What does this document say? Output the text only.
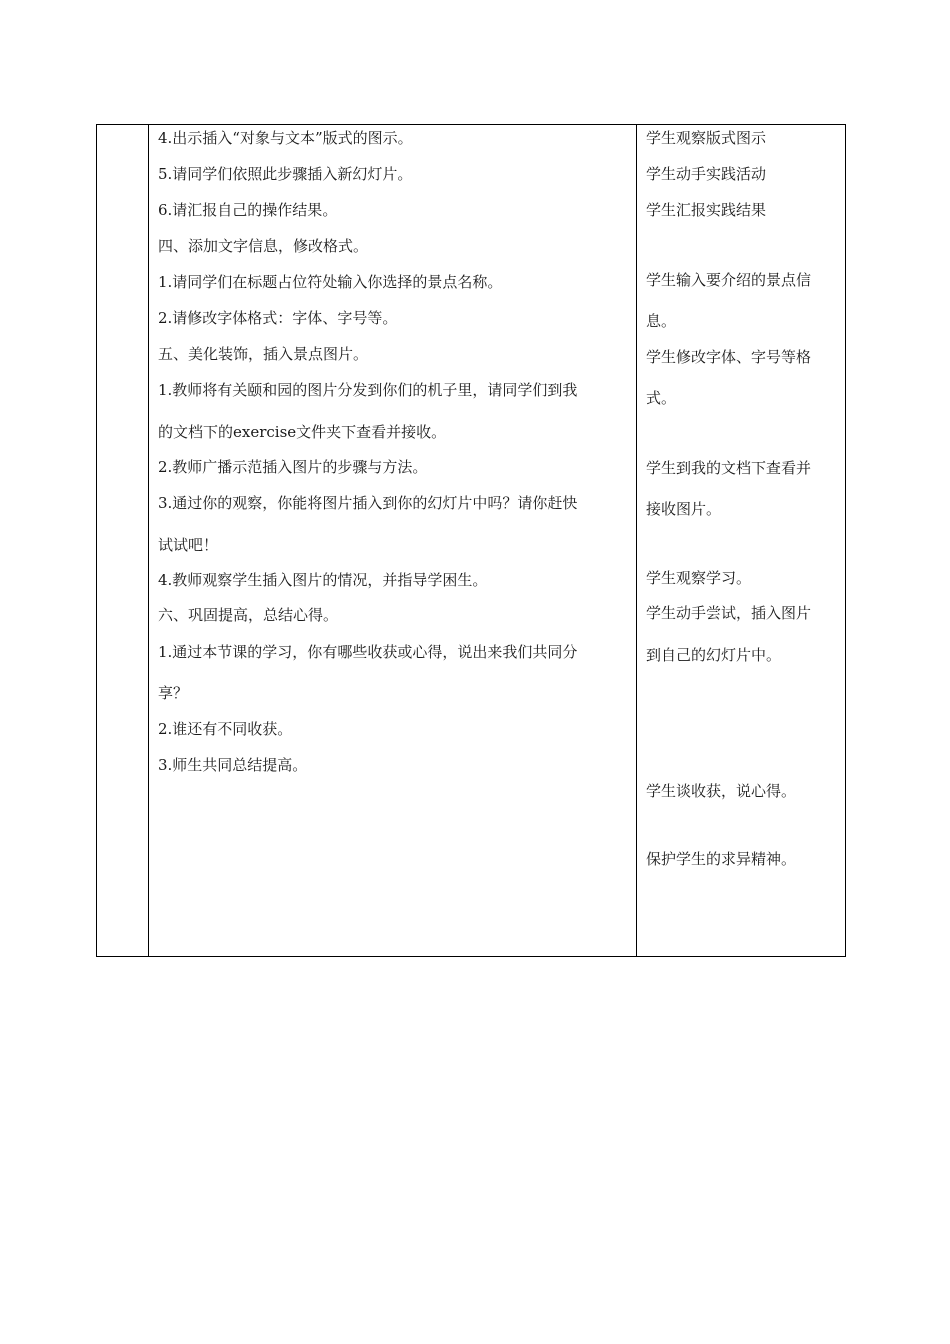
4.出示插入“对象与文本”版式的图示。
5.请同学们依照此步骤插入新幻灯片。
6.请汇报自己的操作结果。
四、添加文字信息，修改格式。
1.请同学们在标题占位符处输入你选择的景点名称。
2.请修改字体格式：字体、字号等。
五、美化装饰，插入景点图片。
1.教师将有关颐和园的图片分发到你们的机子里，请同学们到我
的文档下的exercise文件夹下查看并接收。
2.教师广播示范插入图片的步骤与方法。
3.通过你的观察，你能将图片插入到你的幻灯片中吗？请你赶快
试试吧！
4.教师观察学生插入图片的情况，并指导学困生。
六、巩固提高，总结心得。
1.通过本节课的学习，你有哪些收获或心得，说出来我们共同分
享？
2.谁还有不同收获。
3.师生共同总结提高。
学生观察版式图示
学生动手实践活动
学生汇报实践结果
学生输入要介绍的景点信
息。
学生修改字体、字号等格
式。
学生到我的文档下查看并
接收图片。
学生观察学习。
学生动手尝试，插入图片
到自己的幻灯片中。
学生谈收获，说心得。
保护学生的求异精神。
